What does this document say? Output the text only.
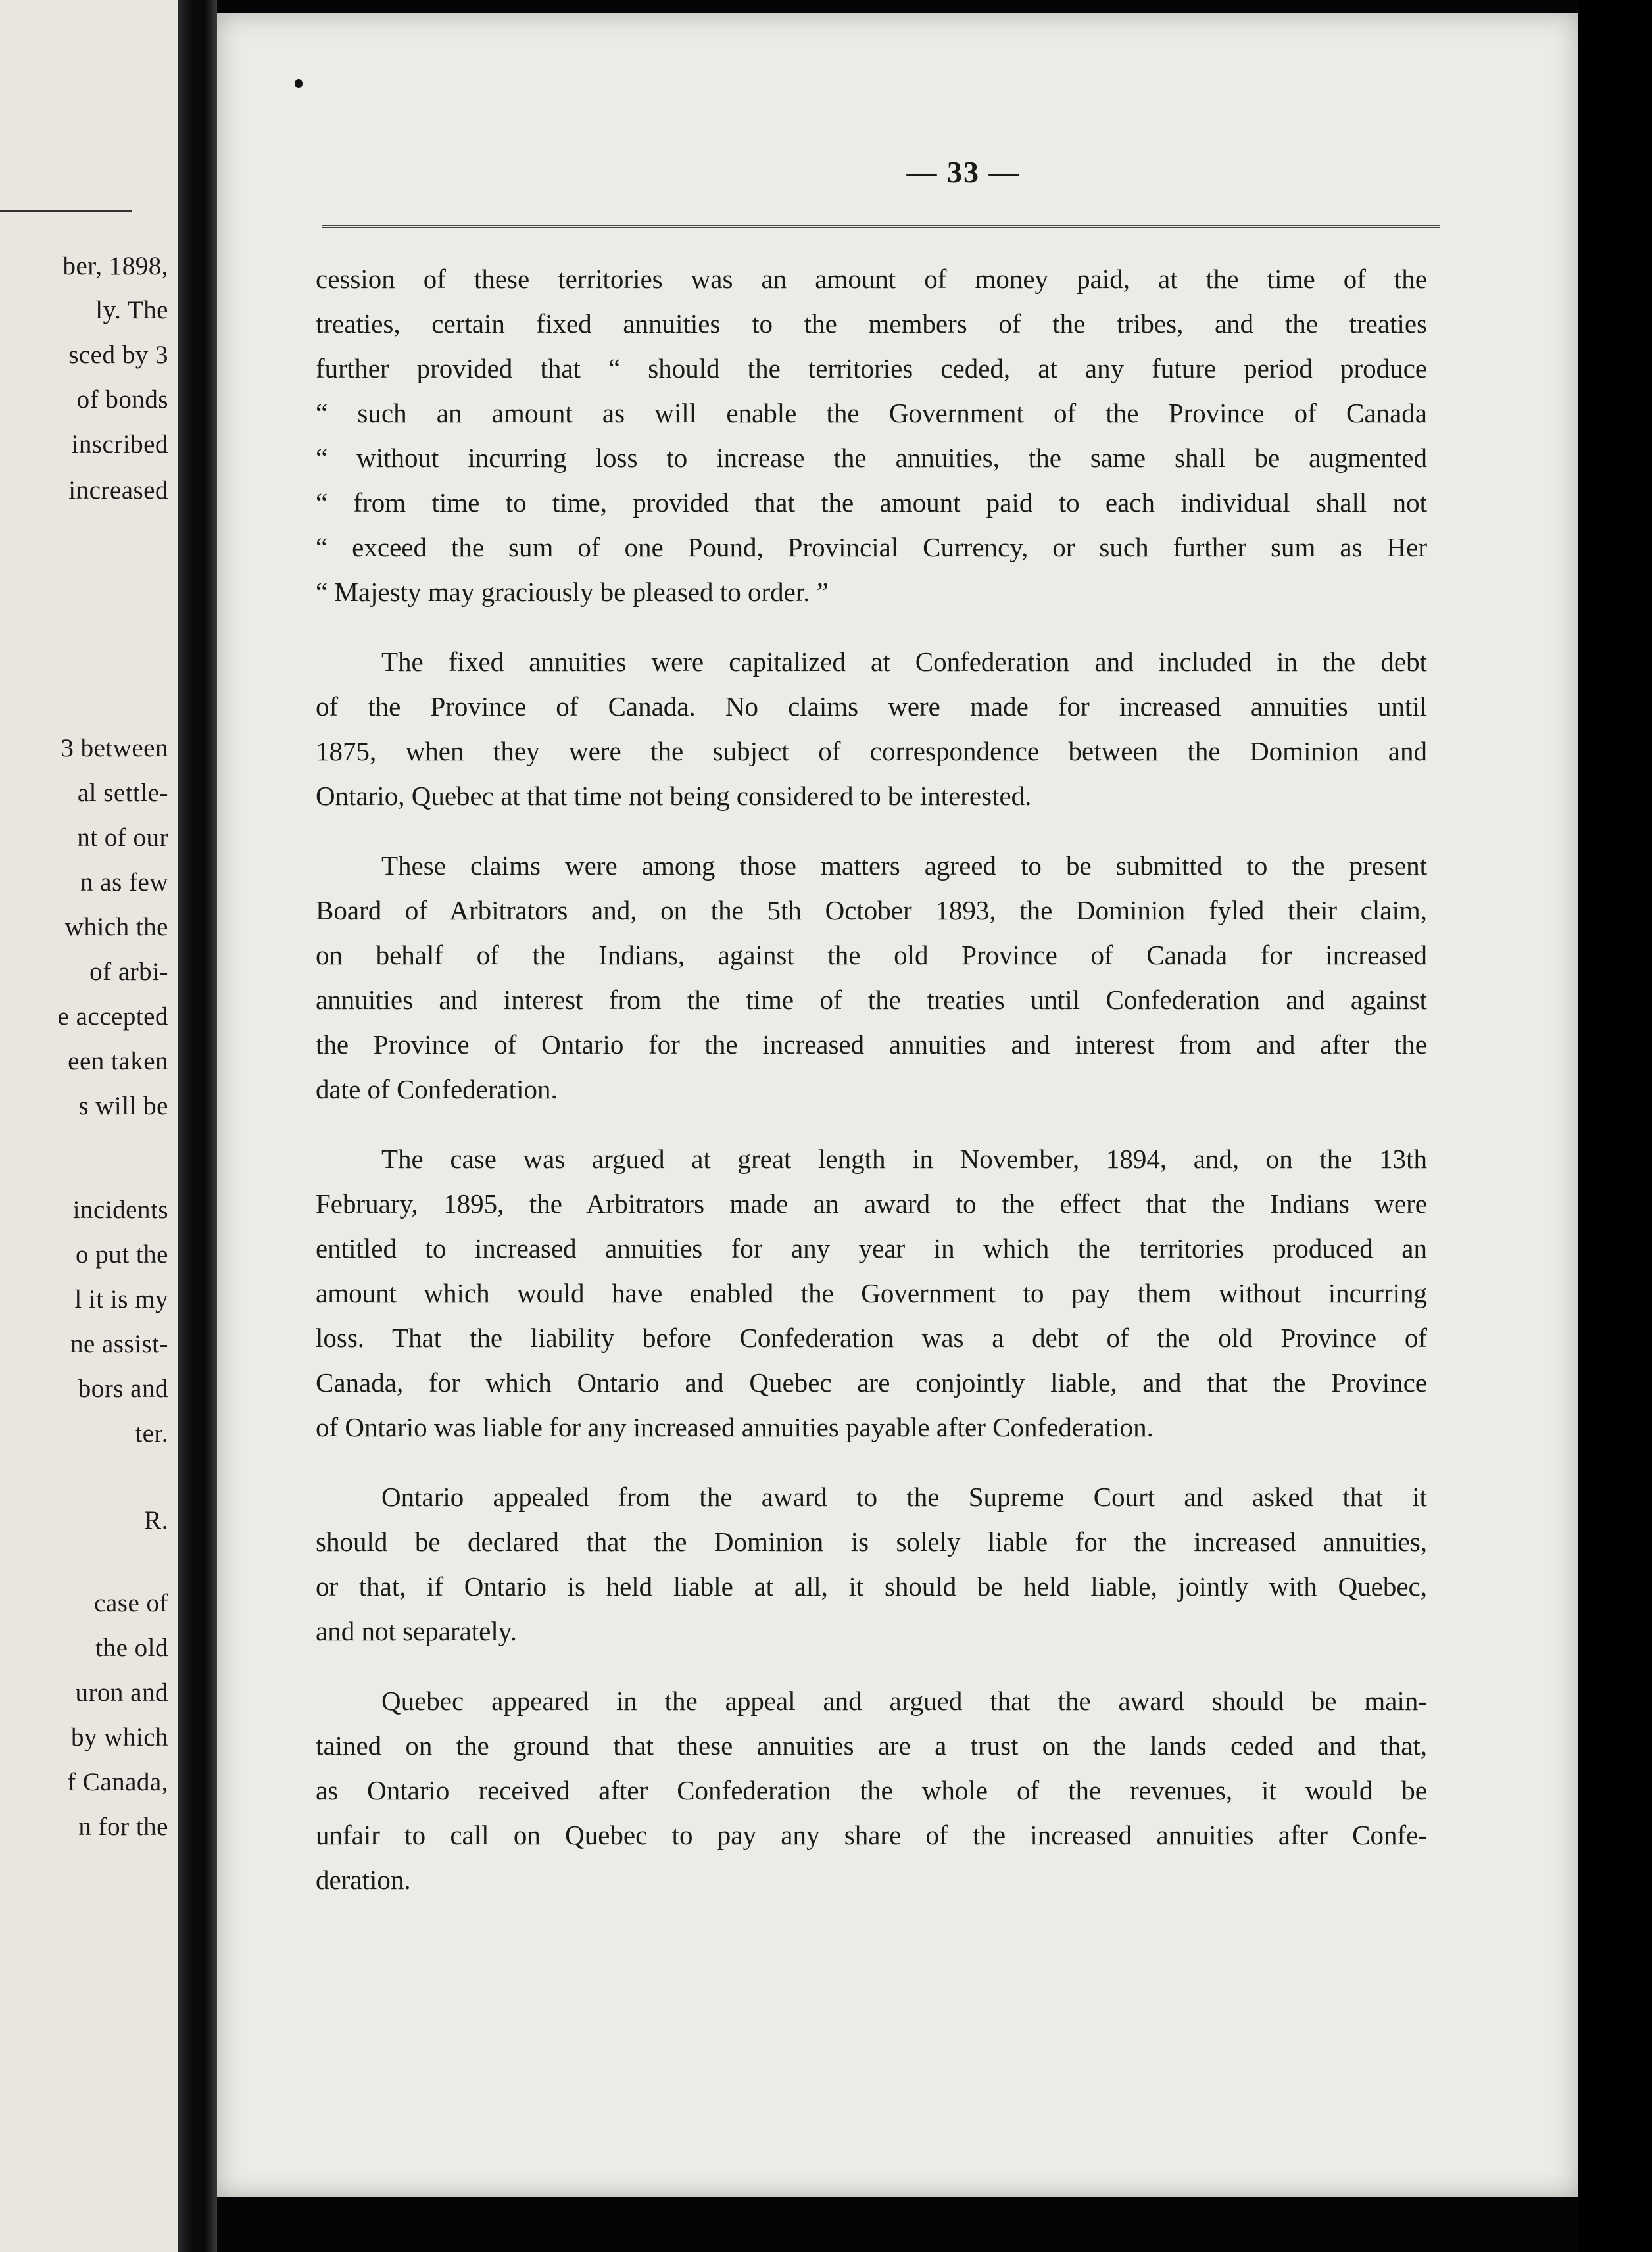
ber, 1898,
ly. The
sced by 3
of bonds
inscribed
increased
3 between
al settle-
nt of our
n as few
which the
of arbi-
e accepted
een taken
s will be
incidents
o put the
l it is my
ne assist-
bors and
ter.
R.
case of
the old
uron and
by which
f Canada,
n for the
— 33 —
cession of these territories was an amount of money paid, at the time of the
treaties, certain fixed annuities to the members of the tribes, and the treaties
further provided that “ should the territories ceded, at any future period produce
“ such an amount as will enable the Government of the Province of Canada
“ without incurring loss to increase the annuities, the same shall be augmented
“ from time to time, provided that the amount paid to each individual shall not
“ exceed the sum of one Pound, Provincial Currency, or such further sum as Her
“ Majesty may graciously be pleased to order. ”
The fixed annuities were capitalized at Confederation and included in the debt
of the Province of Canada. No claims were made for increased annuities until
1875, when they were the subject of correspondence between the Dominion and
Ontario, Quebec at that time not being considered to be interested.
These claims were among those matters agreed to be submitted to the present
Board of Arbitrators and, on the 5th October 1893, the Dominion fyled their claim,
on behalf of the Indians, against the old Province of Canada for increased
annuities and interest from the time of the treaties until Confederation and against
the Province of Ontario for the increased annuities and interest from and after the
date of Confederation.
The case was argued at great length in November, 1894, and, on the 13th
February, 1895, the Arbitrators made an award to the effect that the Indians were
entitled to increased annuities for any year in which the territories produced an
amount which would have enabled the Government to pay them without incurring
loss. That the liability before Confederation was a debt of the old Province of
Canada, for which Ontario and Quebec are conjointly liable, and that the Province
of Ontario was liable for any increased annuities payable after Confederation.
Ontario appealed from the award to the Supreme Court and asked that it
should be declared that the Dominion is solely liable for the increased annuities,
or that, if Ontario is held liable at all, it should be held liable, jointly with Quebec,
and not separately.
Quebec appeared in the appeal and argued that the award should be main-
tained on the ground that these annuities are a trust on the lands ceded and that,
as Ontario received after Confederation the whole of the revenues, it would be
unfair to call on Quebec to pay any share of the increased annuities after Confe-
deration.
